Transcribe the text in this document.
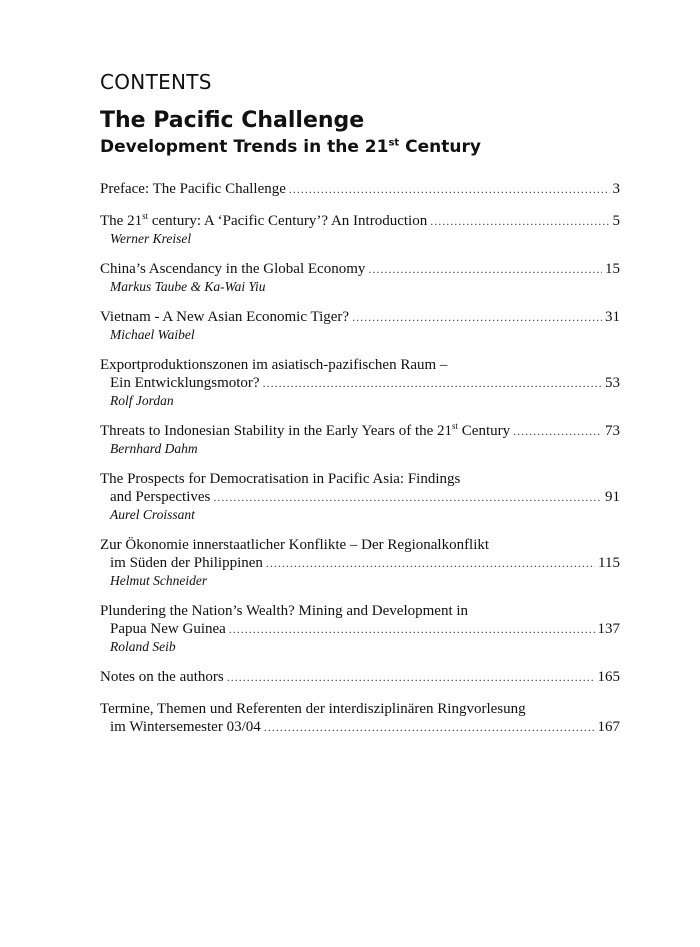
CONTENTS
The Pacific Challenge
Development Trends in the 21st Century
Preface: The Pacific Challenge .....	3
The 21st century: A ‘Pacific Century’? An Introduction .....	5
Werner Kreisel
China’s Ascendancy in the Global Economy .....	15
Markus Taube & Ka-Wai Yiu
Vietnam - A New Asian Economic Tiger? .....	31
Michael Waibel
Exportproduktionszonen im asiatisch-pazifischen Raum –
Ein Entwicklungsmotor? .....	53
Rolf Jordan
Threats to Indonesian Stability in the Early Years of the 21st Century .....	73
Bernhard Dahm
The Prospects for Democratisation in Pacific Asia: Findings
and Perspectives .....	91
Aurel Croissant
Zur Ökonomie innerstaatlicher Konflikte – Der Regionalkonflikt
im Süden der Philippinen .....	115
Helmut Schneider
Plundering the Nation’s Wealth? Mining and Development in
Papua New Guinea .....	137
Roland Seib
Notes on the authors .....	165
Termine, Themen und Referenten der interdisziplinären Ringvorlesung
im Wintersemester 03/04 .....	167
